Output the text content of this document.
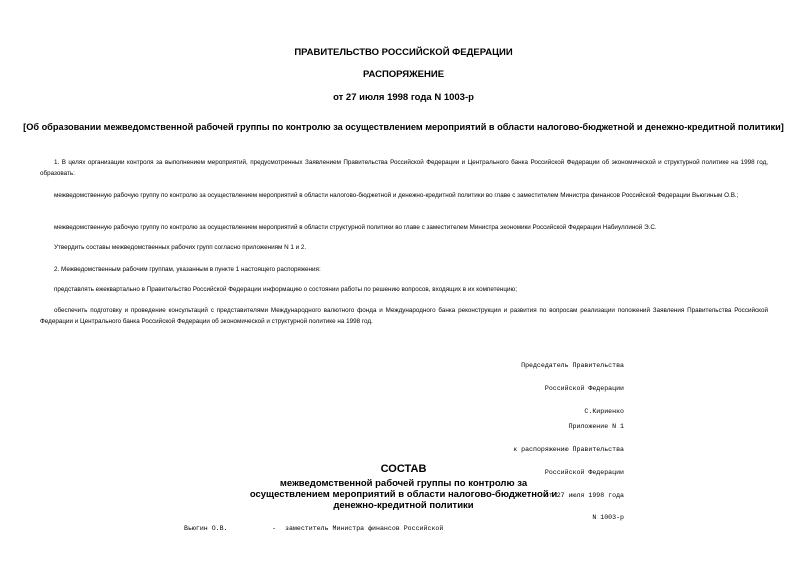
ПРАВИТЕЛЬСТВО РОССИЙСКОЙ ФЕДЕРАЦИИ
РАСПОРЯЖЕНИЕ
от 27 июля 1998 года N 1003-р
[Об образовании межведомственной рабочей группы по контролю за осуществлением мероприятий в области налогово-бюджетной и денежно-кредитной политики]
1. В целях организации контроля за выполнением мероприятий, предусмотренных Заявлением Правительства Российской Федерации и Центрального банка Российской Федерации об экономической и структурной политике на 1998 год, образовать:
межведомственную рабочую группу по контролю за осуществлением мероприятий в области налогово-бюджетной и денежно-кредитной политики во главе с заместителем Министра финансов Российской Федерации Вьюгиным О.В.;
межведомственную рабочую группу по контролю за осуществлением мероприятий в области структурной политики во главе с заместителем Министра экономики Российской Федерации Набиуллиной Э.С.
Утвердить составы межведомственных рабочих групп согласно приложениям N 1 и 2.
2. Межведомственным рабочим группам, указанным в пункте 1 настоящего распоряжения:
представлять ежеквартально в Правительство Российской Федерации информацию о состоянии работы по решению вопросов, входящих в их компетенцию;
обеспечить подготовку и проведение консультаций с представителями Международного валютного фонда и Международного банка реконструкции и развития по вопросам реализации положений Заявления Правительства Российской Федерации и Центрального банка Российской Федерации об экономической и структурной политике на 1998 год.

Председатель Правительства

Российской Федерации

С.Кириенко

Приложение N 1

к распоряжению Правительства

Российской Федерации

от 27 июля 1998 года

N 1003-р

СОСТАВ
межведомственной рабочей группы по контролю за
осуществлением мероприятий в области налогово-бюджетной и
денежно-кредитной политики
Вьюгин О.В.	- заместитель Министра финансов Российской
